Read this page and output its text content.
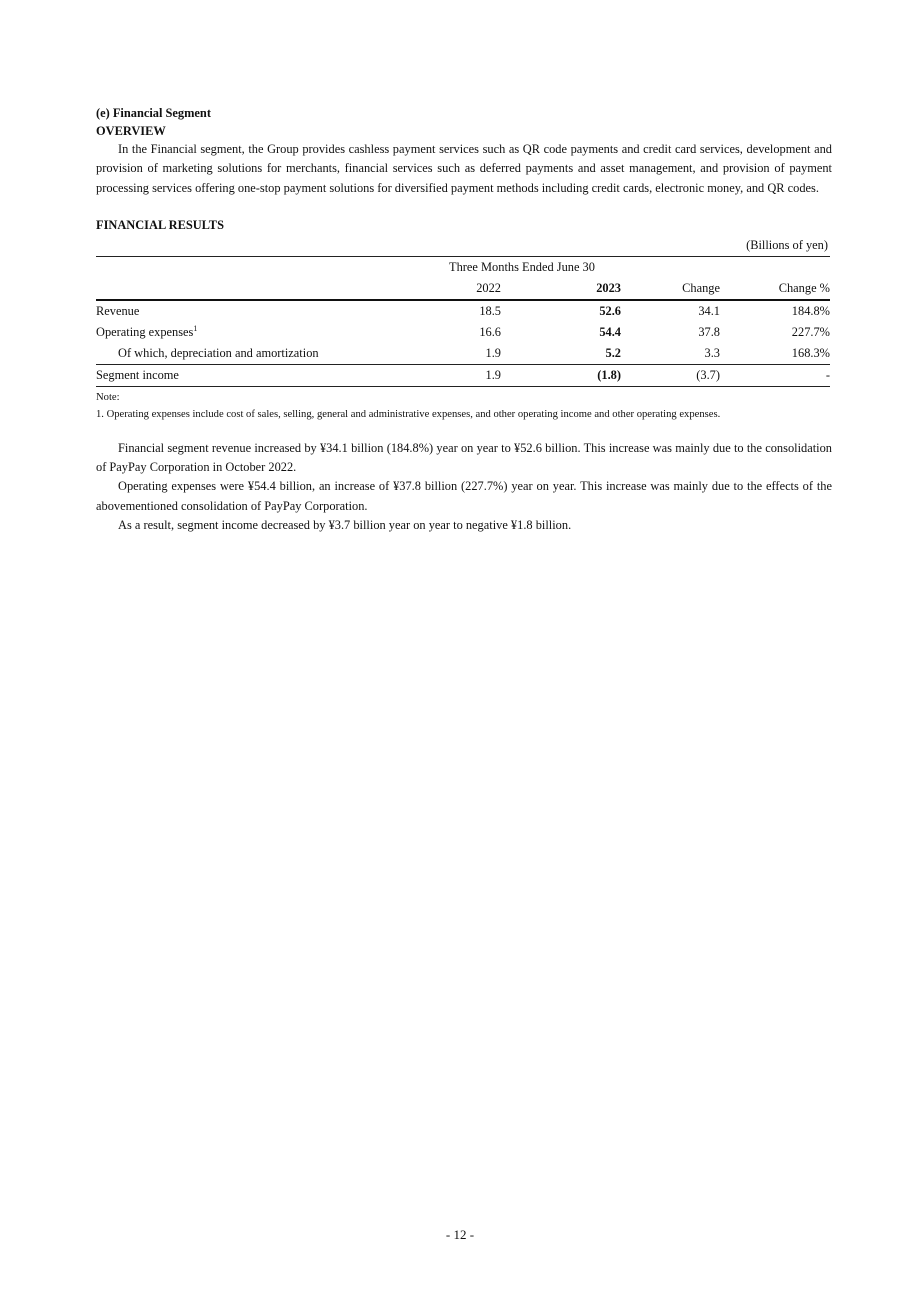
(e) Financial Segment

OVERVIEW

In the Financial segment, the Group provides cashless payment services such as QR code payments and credit card services, development and provision of marketing solutions for merchants, financial services such as deferred payments and asset management, and provision of payment processing services offering one-stop payment solutions for diversified payment methods including credit cards, electronic money, and QR codes.

FINANCIAL RESULTS

(Billions of yen)
	Three Months Ended June 30			
	2022	2023	Change	Change %
Revenue	18.5	52.6	34.1	184.8%
Operating expenses$^1$	16.6	54.4	37.8	227.7%
Of which, depreciation and amortization	1.9	5.2	3.3	168.3%
Segment income	1.9	(1.8)	(3.7)	-

Note:

1. Operating expenses include cost of sales, selling, general and administrative expenses, and other operating income and other operating expenses.

Financial segment revenue increased by ¥34.1 billion (184.8%) year on year to ¥52.6 billion. This increase was mainly due to the consolidation of PayPay Corporation in October 2022.

Operating expenses were ¥54.4 billion, an increase of ¥37.8 billion (227.7%) year on year. This increase was mainly due to the effects of the abovementioned consolidation of PayPay Corporation.

As a result, segment income decreased by ¥3.7 billion year on year to negative ¥1.8 billion.

- 12 -
